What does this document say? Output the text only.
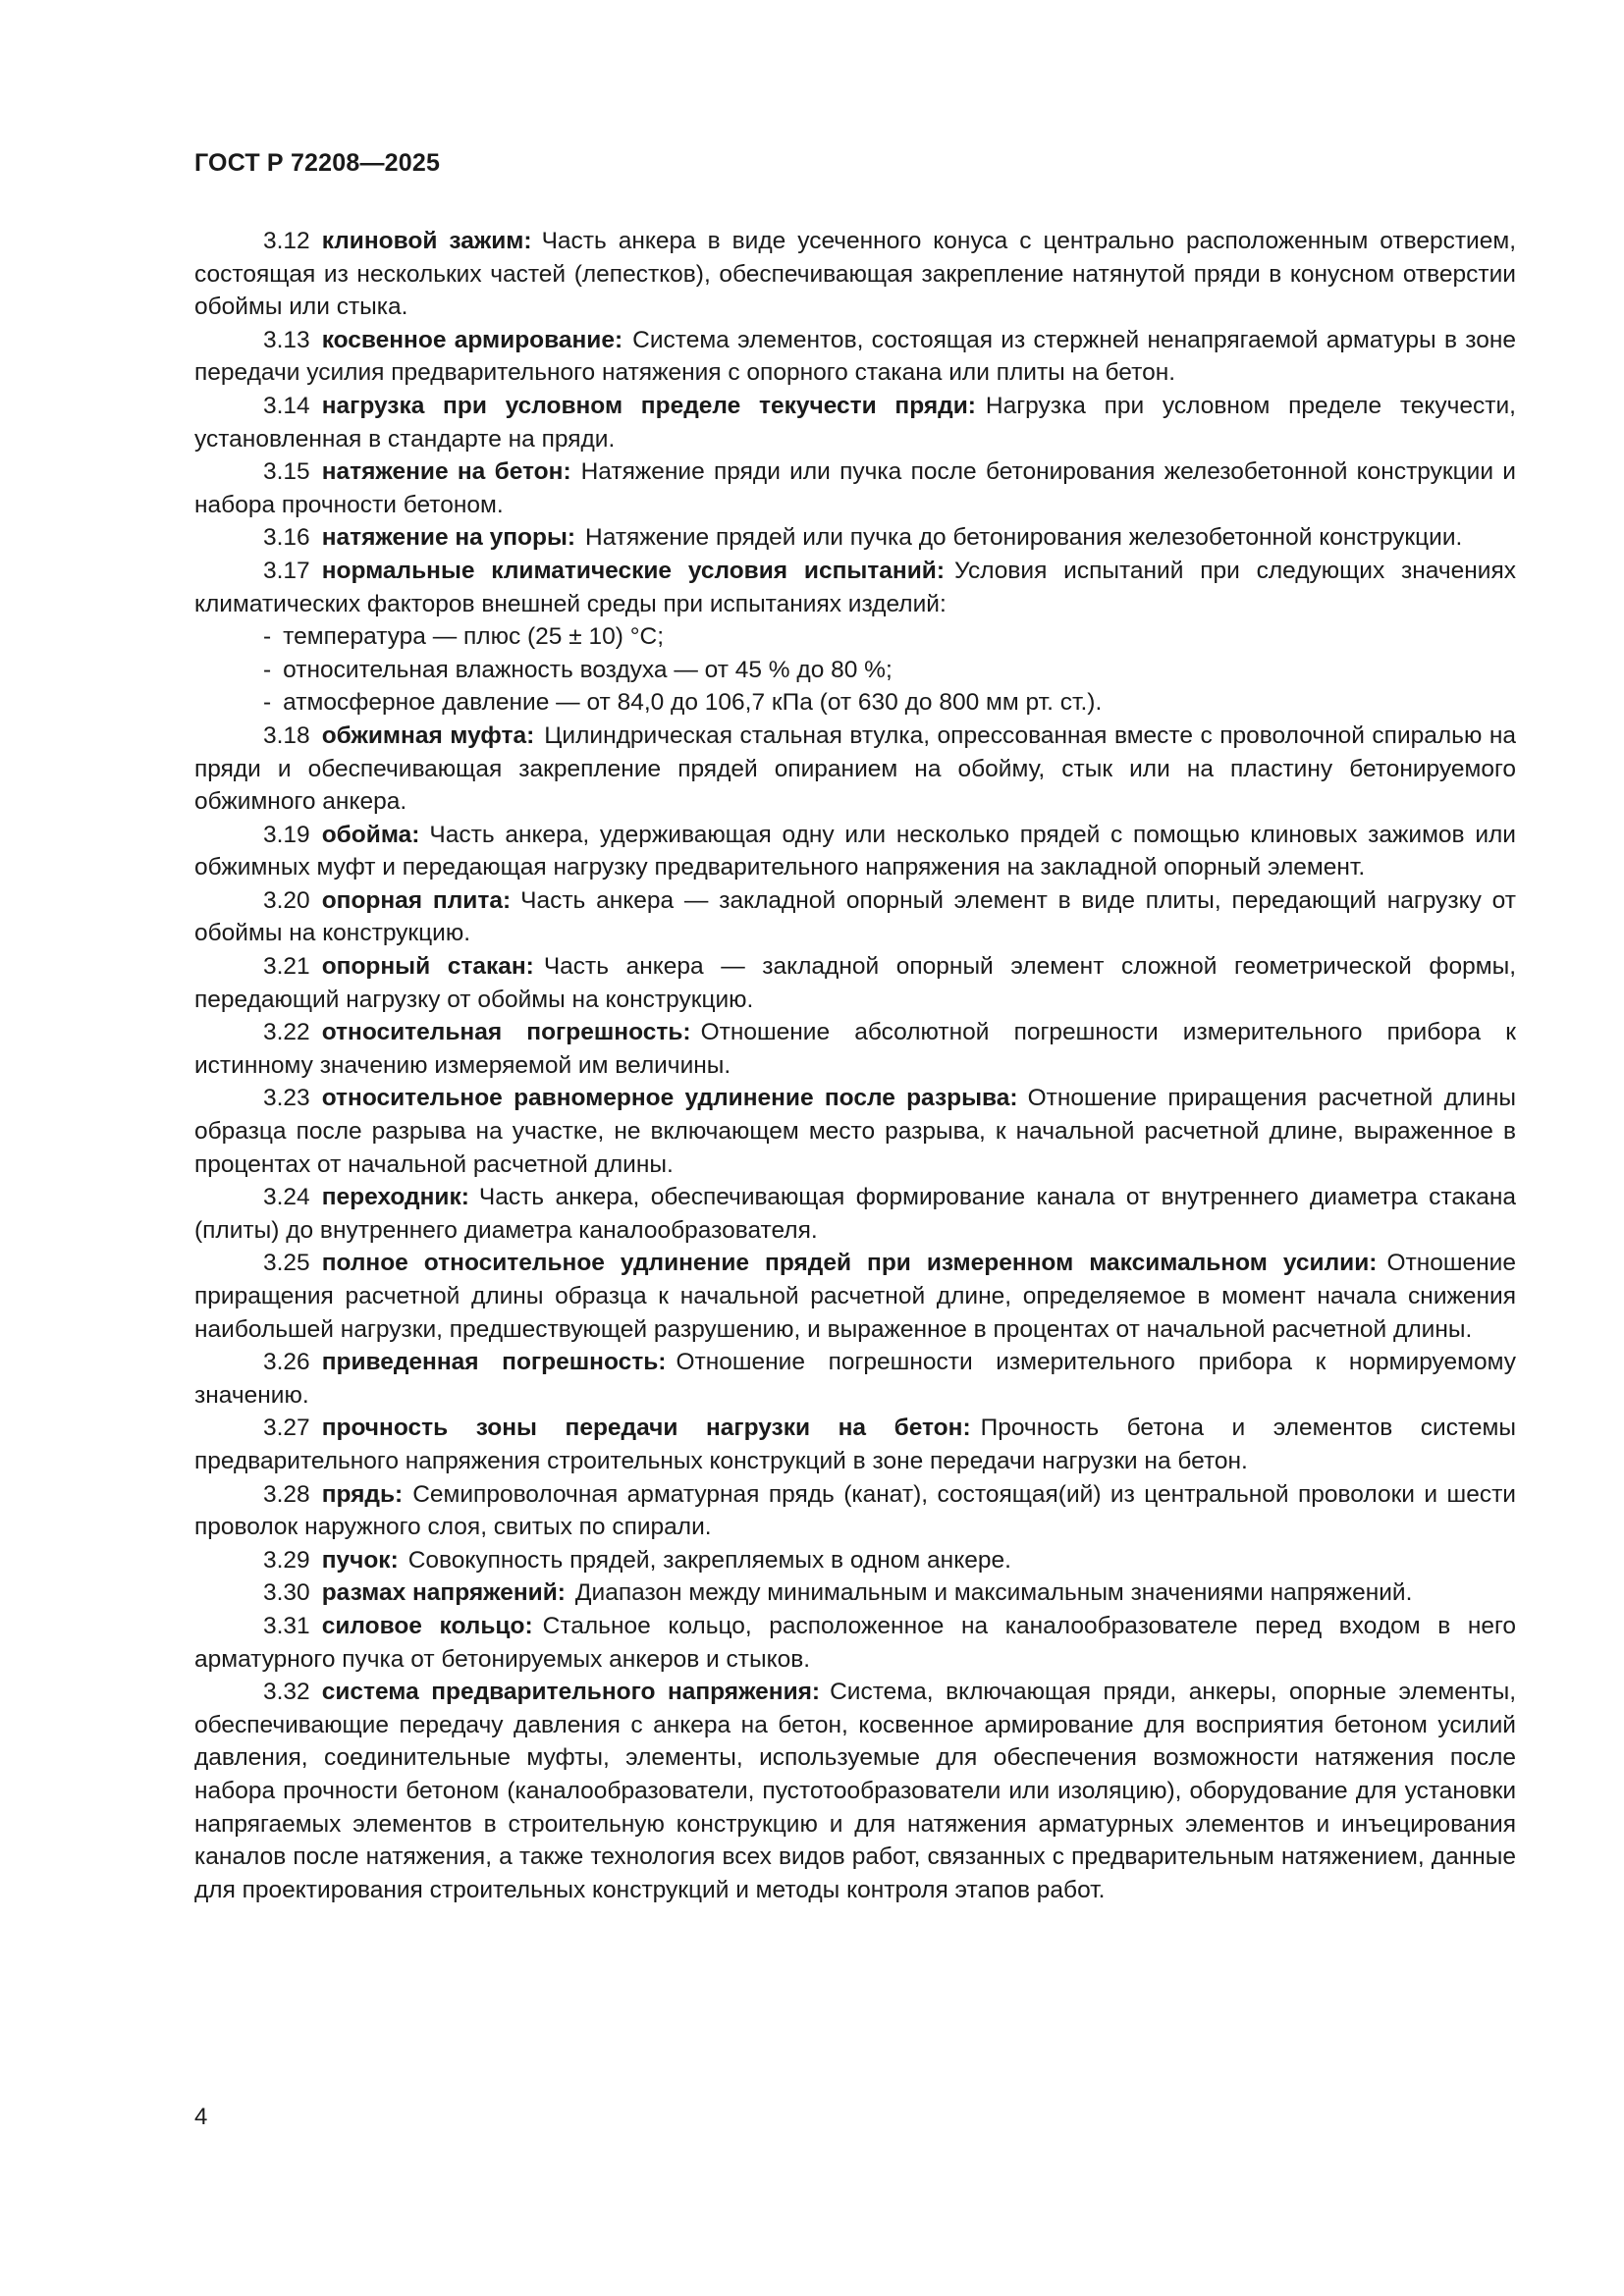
ГОСТ Р 72208—2025

3.12 клиновой зажим: Часть анкера в виде усеченного конуса с центрально расположенным отверстием, состоящая из нескольких частей (лепестков), обеспечивающая закрепление натянутой пряди в конусном отверстии обоймы или стыка.

3.13 косвенное армирование: Система элементов, состоящая из стержней ненапрягаемой арматуры в зоне передачи усилия предварительного натяжения с опорного стакана или плиты на бетон.

3.14 нагрузка при условном пределе текучести пряди: Нагрузка при условном пределе текучести, установленная в стандарте на пряди.

3.15 натяжение на бетон: Натяжение пряди или пучка после бетонирования железобетонной конструкции и набора прочности бетоном.

3.16 натяжение на упоры: Натяжение прядей или пучка до бетонирования железобетонной конструкции.

3.17 нормальные климатические условия испытаний: Условия испытаний при следующих значениях климатических факторов внешней среды при испытаниях изделий:

- температура — плюс (25 ± 10) °С;

- относительная влажность воздуха — от 45 % до 80 %;

- атмосферное давление — от 84,0 до 106,7 кПа (от 630 до 800 мм рт. ст.).

3.18 обжимная муфта: Цилиндрическая стальная втулка, опрессованная вместе с проволочной спиралью на пряди и обеспечивающая закрепление прядей опиранием на обойму, стык или на пластину бетонируемого обжимного анкера.

3.19 обойма: Часть анкера, удерживающая одну или несколько прядей с помощью клиновых зажимов или обжимных муфт и передающая нагрузку предварительного напряжения на закладной опорный элемент.

3.20 опорная плита: Часть анкера — закладной опорный элемент в виде плиты, передающий нагрузку от обоймы на конструкцию.

3.21 опорный стакан: Часть анкера — закладной опорный элемент сложной геометрической формы, передающий нагрузку от обоймы на конструкцию.

3.22 относительная погрешность: Отношение абсолютной погрешности измерительного прибора к истинному значению измеряемой им величины.

3.23 относительное равномерное удлинение после разрыва: Отношение приращения расчетной длины образца после разрыва на участке, не включающем место разрыва, к начальной расчетной длине, выраженное в процентах от начальной расчетной длины.

3.24 переходник: Часть анкера, обеспечивающая формирование канала от внутреннего диаметра стакана (плиты) до внутреннего диаметра каналообразователя.

3.25 полное относительное удлинение прядей при измеренном максимальном усилии: Отношение приращения расчетной длины образца к начальной расчетной длине, определяемое в момент начала снижения наибольшей нагрузки, предшествующей разрушению, и выраженное в процентах от начальной расчетной длины.

3.26 приведенная погрешность: Отношение погрешности измерительного прибора к нормируемому значению.

3.27 прочность зоны передачи нагрузки на бетон: Прочность бетона и элементов системы предварительного напряжения строительных конструкций в зоне передачи нагрузки на бетон.

3.28 прядь: Семипроволочная арматурная прядь (канат), состоящая(ий) из центральной проволоки и шести проволок наружного слоя, свитых по спирали.

3.29 пучок: Совокупность прядей, закрепляемых в одном анкере.

3.30 размах напряжений: Диапазон между минимальным и максимальным значениями напряжений.

3.31 силовое кольцо: Стальное кольцо, расположенное на каналообразователе перед входом в него арматурного пучка от бетонируемых анкеров и стыков.

3.32 система предварительного напряжения: Система, включающая пряди, анкеры, опорные элементы, обеспечивающие передачу давления с анкера на бетон, косвенное армирование для восприятия бетоном усилий давления, соединительные муфты, элементы, используемые для обеспечения возможности натяжения после набора прочности бетоном (каналообразователи, пустотообразователи или изоляцию), оборудование для установки напрягаемых элементов в строительную конструкцию и для натяжения арматурных элементов и инъецирования каналов после натяжения, а также технология всех видов работ, связанных с предварительным натяжением, данные для проектирования строительных конструкций и методы контроля этапов работ.

4
